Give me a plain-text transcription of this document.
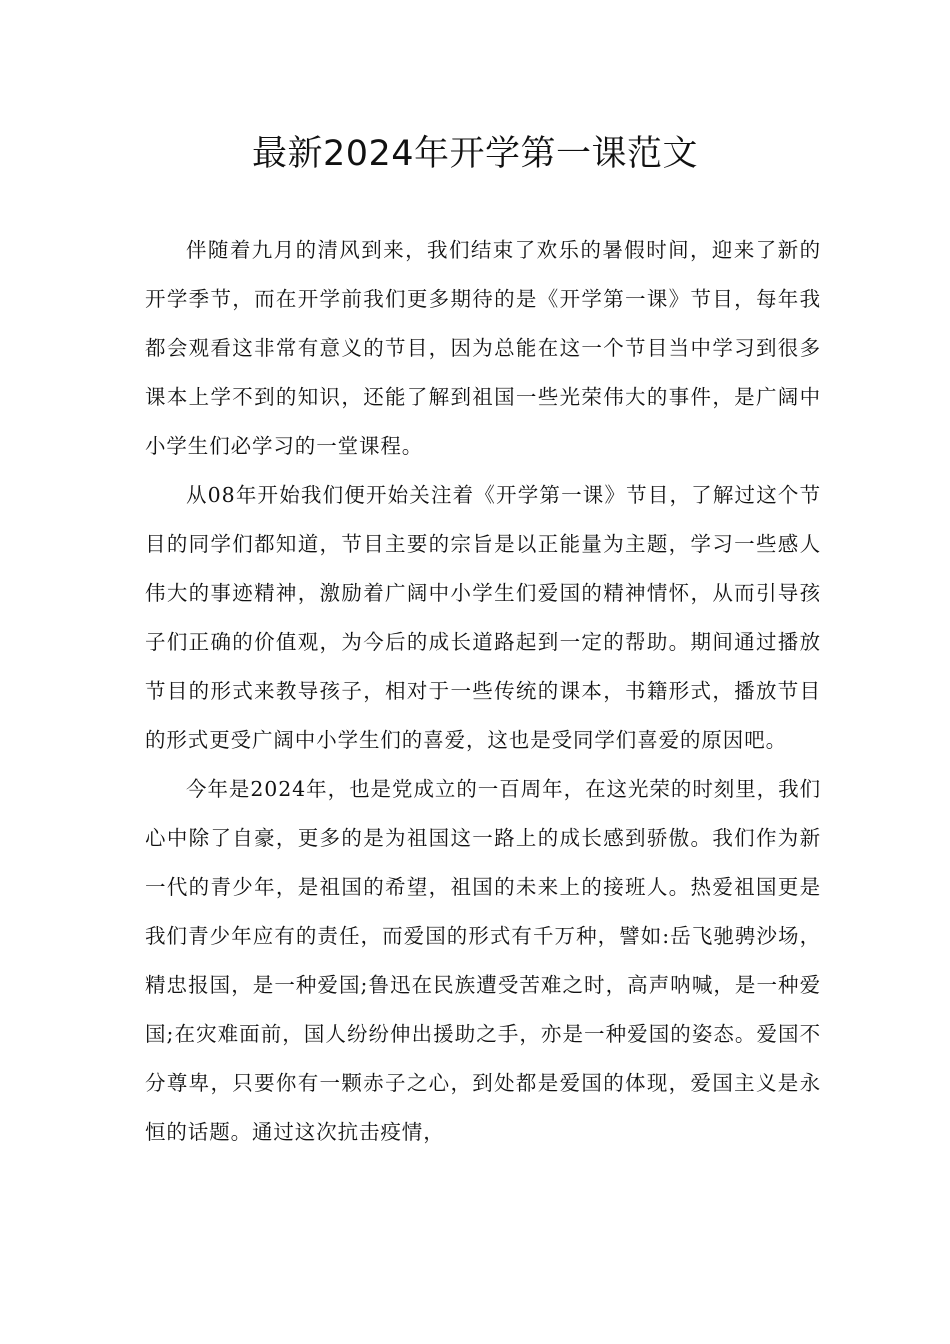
最新2024年开学第一课范文

伴随着九月的清风到来，我们结束了欢乐的暑假时间，迎来了新的开学季节，而在开学前我们更多期待的是《开学第一课》节目，每年我都会观看这非常有意义的节目，因为总能在这一个节目当中学习到很多课本上学不到的知识，还能了解到祖国一些光荣伟大的事件，是广阔中小学生们必学习的一堂课程。

从08年开始我们便开始关注着《开学第一课》节目，了解过这个节目的同学们都知道，节目主要的宗旨是以正能量为主题，学习一些感人伟大的事迹精神，激励着广阔中小学生们爱国的精神情怀，从而引导孩子们正确的价值观，为今后的成长道路起到一定的帮助。期间通过播放节目的形式来教导孩子，相对于一些传统的课本，书籍形式，播放节目的形式更受广阔中小学生们的喜爱，这也是受同学们喜爱的原因吧。

今年是2024年，也是党成立的一百周年，在这光荣的时刻里，我们心中除了自豪，更多的是为祖国这一路上的成长感到骄傲。我们作为新一代的青少年，是祖国的希望，祖国的未来上的接班人。热爱祖国更是我们青少年应有的责任，而爱国的形式有千万种，譬如:岳飞驰骋沙场，精忠报国，是一种爱国;鲁迅在民族遭受苦难之时，高声呐喊，是一种爱国;在灾难面前，国人纷纷伸出援助之手，亦是一种爱国的姿态。爱国不分尊卑，只要你有一颗赤子之心，到处都是爱国的体现，爱国主义是永恒的话题。通过这次抗击疫情，
